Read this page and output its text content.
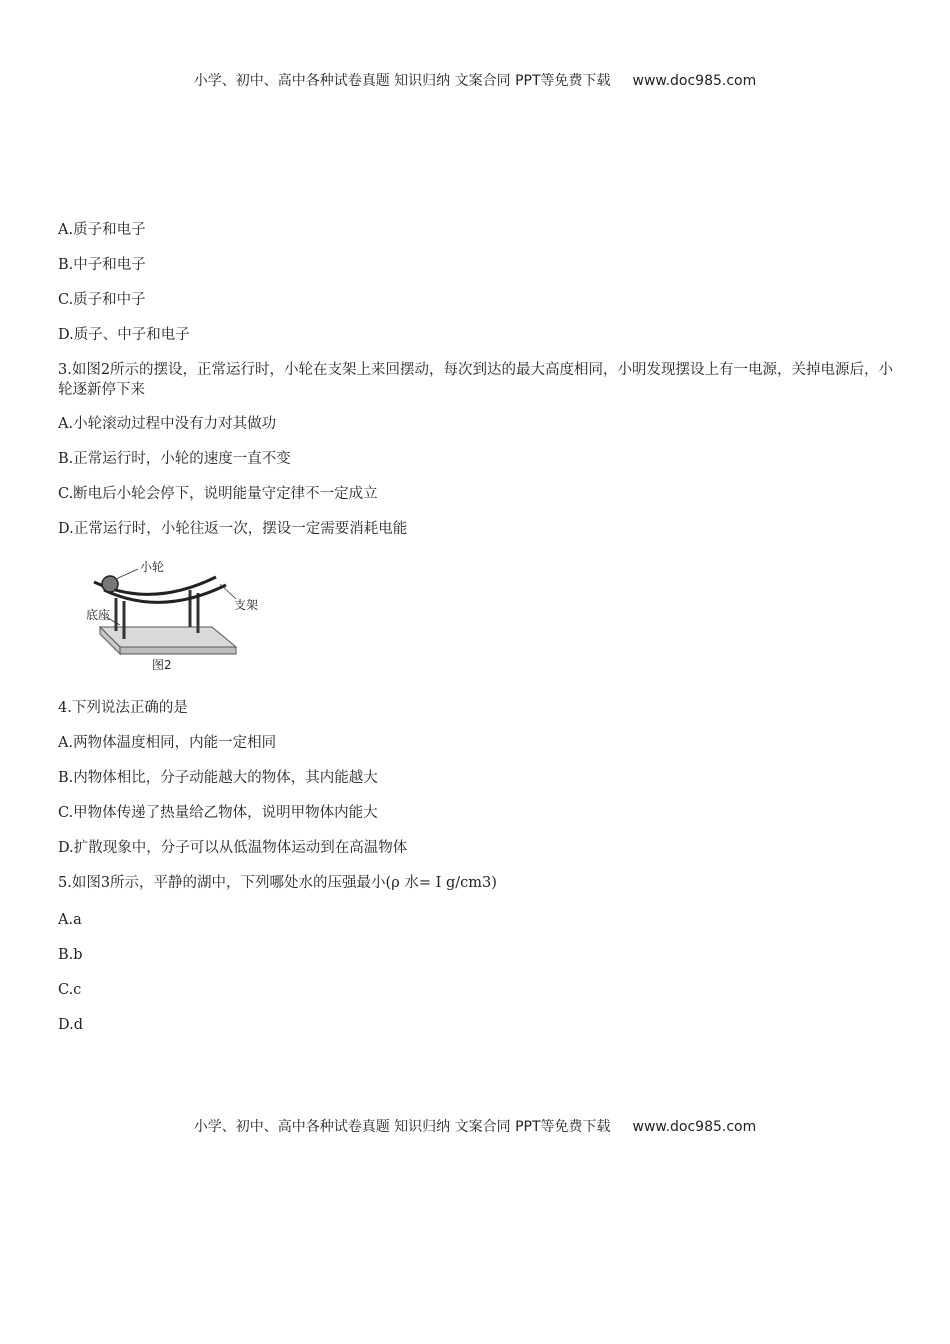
小学、初中、高中各种试卷真题 知识归纳 文案合同 PPT等免费下载 www.doc985.com
A.质子和电子
B.中子和电子
C.质子和中子
D.质子、中子和电子
3.如图2所示的摆设，正常运行时，小轮在支架上来回摆动，每次到达的最大高度相同，小明发现摆设上有一电源，关掉电源后，小轮逐新停下来
A.小轮滚动过程中没有力对其做功
B.正常运行时，小轮的速度一直不变
C.断电后小轮会停下，说明能量守定律不一定成立
D.正常运行时，小轮往返一次，摆设一定需要消耗电能
小轮
支架
底座
图2
4.下列说法正确的是
A.两物体温度相同，内能一定相同
B.内物体相比，分子动能越大的物体，其内能越大
C.甲物体传递了热量给乙物体，说明甲物体内能大
D.扩散现象中，分子可以从低温物体运动到在高温物体
5.如图3所示，平静的湖中，下列哪处水的压强最小(ρ 水= I g/cm3)
A.a
B.b
C.c
D.d
小学、初中、高中各种试卷真题 知识归纳 文案合同 PPT等免费下载 www.doc985.com
